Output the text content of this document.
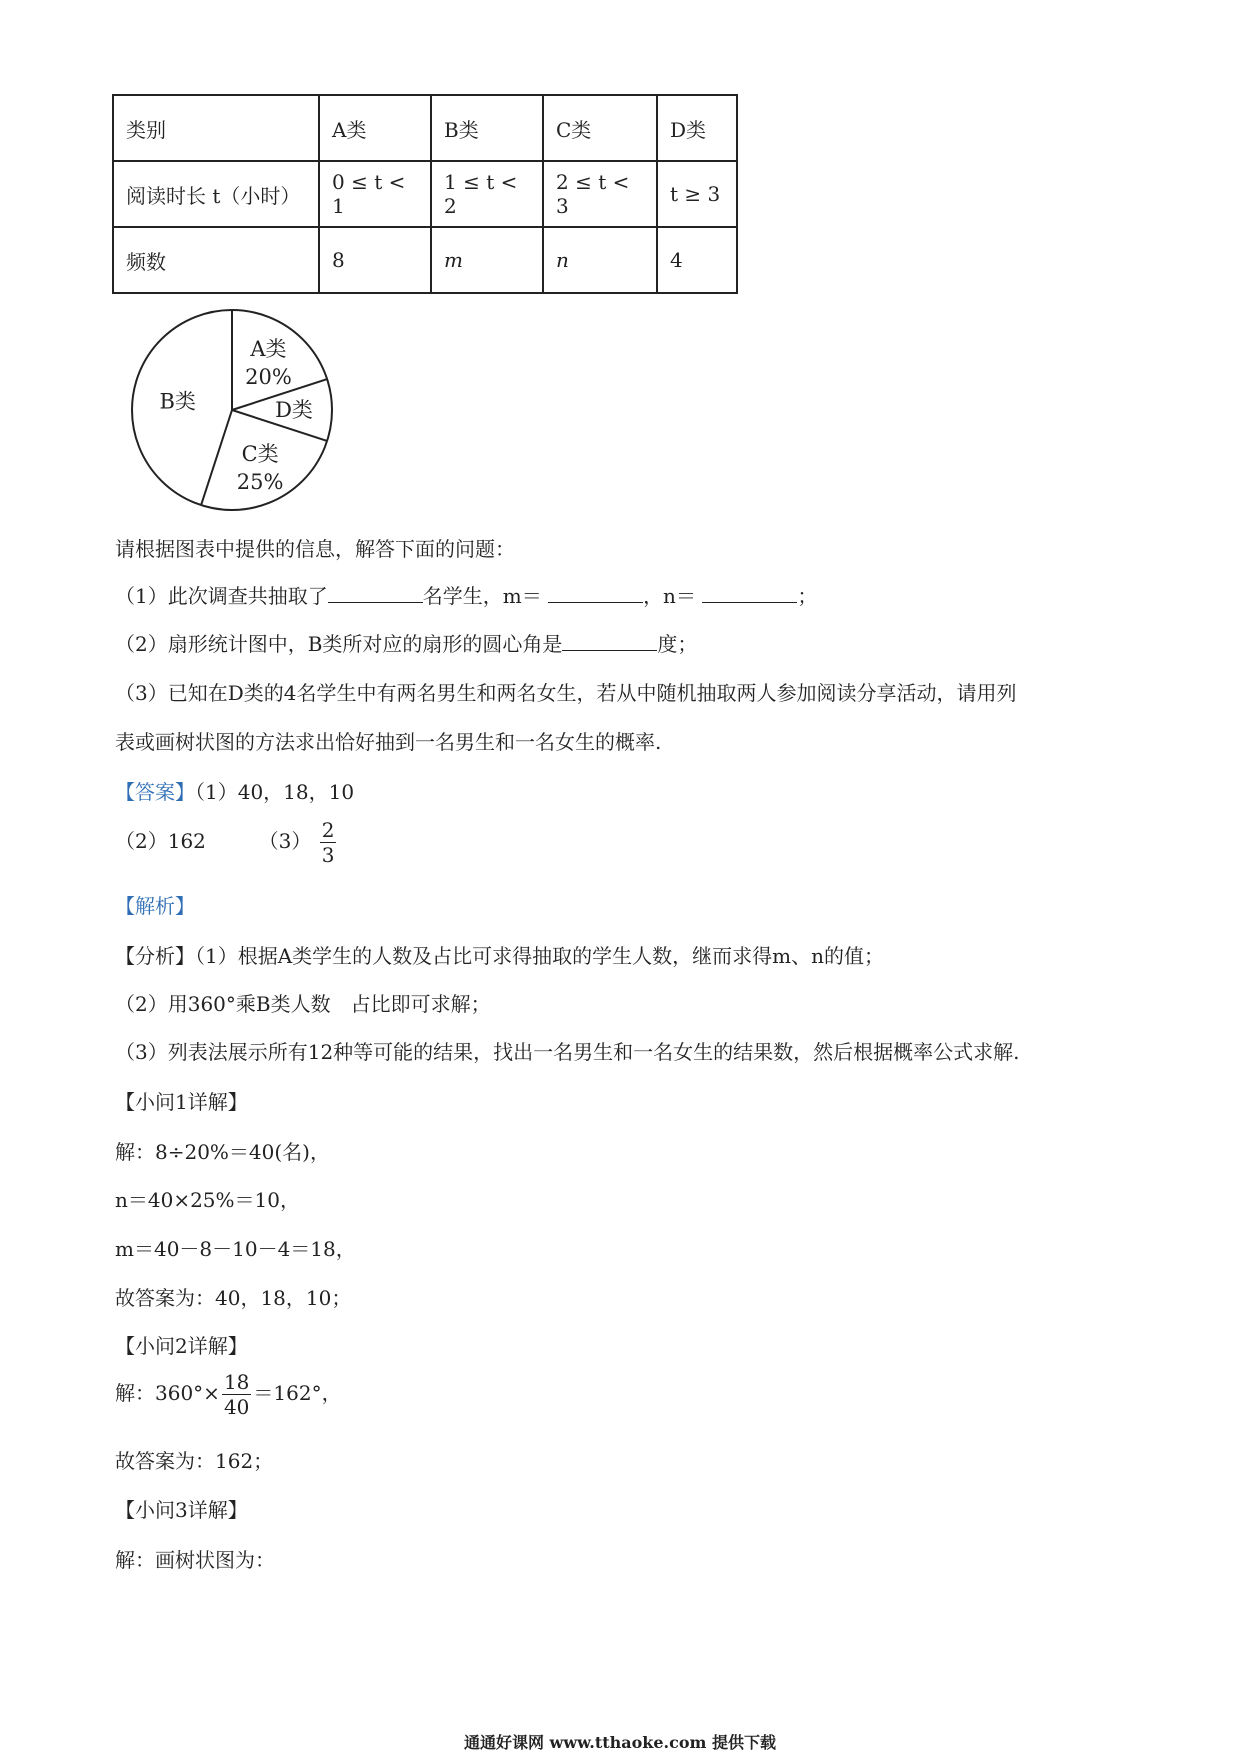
类别	A类	B类	C类	D类
阅读时长 t（小时）	0 ≤ t < 1	1 ≤ t < 2	2 ≤ t < 3	t ≥ 3
频数	8	m	n	4
A类
20%
D类
C类
25%
B类
请根据图表中提供的信息，解答下面的问题：
（1）此次调查共抽取了	名学生，m＝	，n＝	；
（2）扇形统计图中，B类所对应的扇形的圆心角是	度；
（3）已知在D类的4名学生中有两名男生和两名女生，若从中随机抽取两人参加阅读分享活动，请用列
表或画树状图的方法求出恰好抽到一名男生和一名女生的概率.
【答案】（1）40，18，10
（2）162	$(3) \frac{2}{3}$
【解析】
【分析】（1）根据A类学生的人数及占比可求得抽取的学生人数，继而求得m、n的值；
（2）用360°乘B类人数　占比即可求解；
（3）列表法展示所有12种等可能的结果，找出一名男生和一名女生的结果数，然后根据概率公式求解.
【小问1详解】
解：8÷20%＝40(名)，
n＝40×25%＝10，
m＝40－8－10－4＝18，
故答案为：40，18，10；
【小问2详解】
解：$360^\circ\times \frac{18}{40} =162^\circ$，
故答案为：162；
【小问3详解】
解：画树状图为：
通通好课网 www.tthaoke.com 提供下载
